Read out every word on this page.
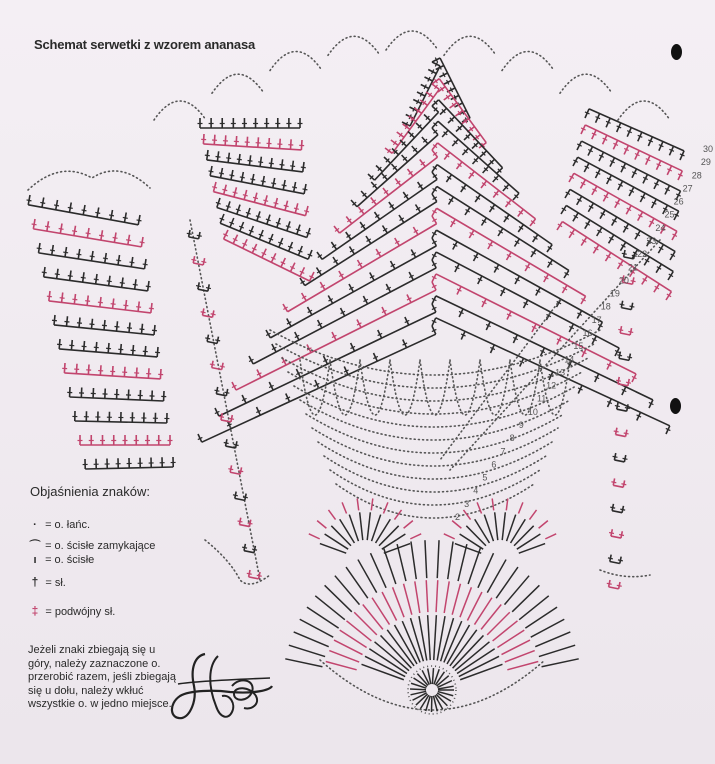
2
3
4
5
6
7
8
9
10
11
12
13
14
15
16
17
18
19
20
21
22
23
24
25
26
27
28
29
30
Schemat serwetki z wzorem ananasa
Objaśnienia znaków:
· = o. łańc.
⌒ = o. ścisłe zamykające
ı = o. ścisłe
† = sł.
‡ = podwójny sł.
Jeżeli znaki zbiegają się u góry, należy zaznaczone o. przerobić razem, jeśli zbiegają się u dołu, należy wkłuć wszystkie o. w jedno miejsce.
